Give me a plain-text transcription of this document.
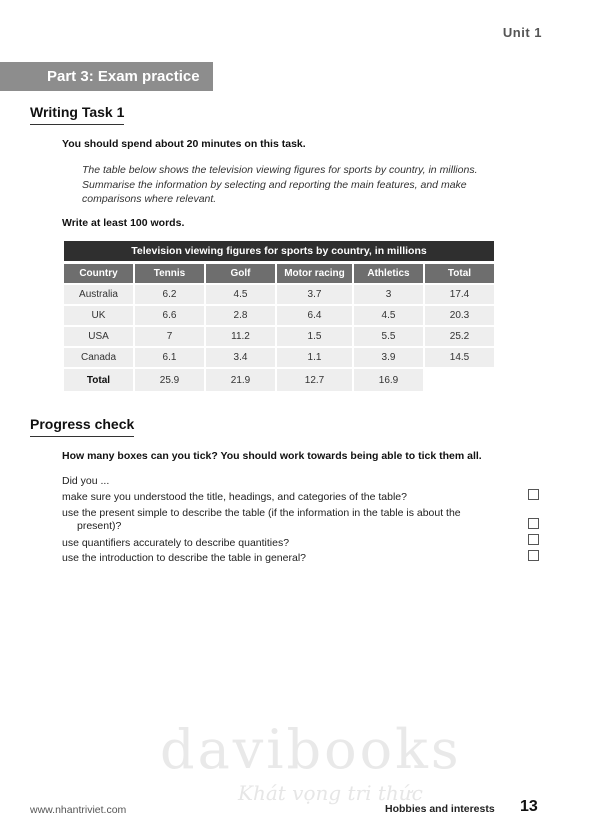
Unit 1
Part 3: Exam practice
Writing Task 1
You should spend about 20 minutes on this task.
The table below shows the television viewing figures for sports by country, in millions.
Summarise the information by selecting and reporting the main features, and make
comparisons where relevant.
Write at least 100 words.
Television viewing figures for sports by country, in millions					
Country	Tennis	Golf	Motor racing	Athletics	Total
Australia	6.2	4.5	3.7	3	17.4
UK	6.6	2.8	6.4	4.5	20.3
USA	7	11.2	1.5	5.5	25.2
Canada	6.1	3.4	1.1	3.9	14.5
Total	25.9	21.9	12.7	16.9	
Progress check
How many boxes can you tick? You should work towards being able to tick them all.
Did you ...
make sure you understood the title, headings, and categories of the table?
use the present simple to describe the table (if the information in the table is about the
present)?
use quantifiers accurately to describe quantities?
use the introduction to describe the table in general?
davibooks
Khát vọng tri thức
www.nhantriviet.com	Hobbies and interests 13
